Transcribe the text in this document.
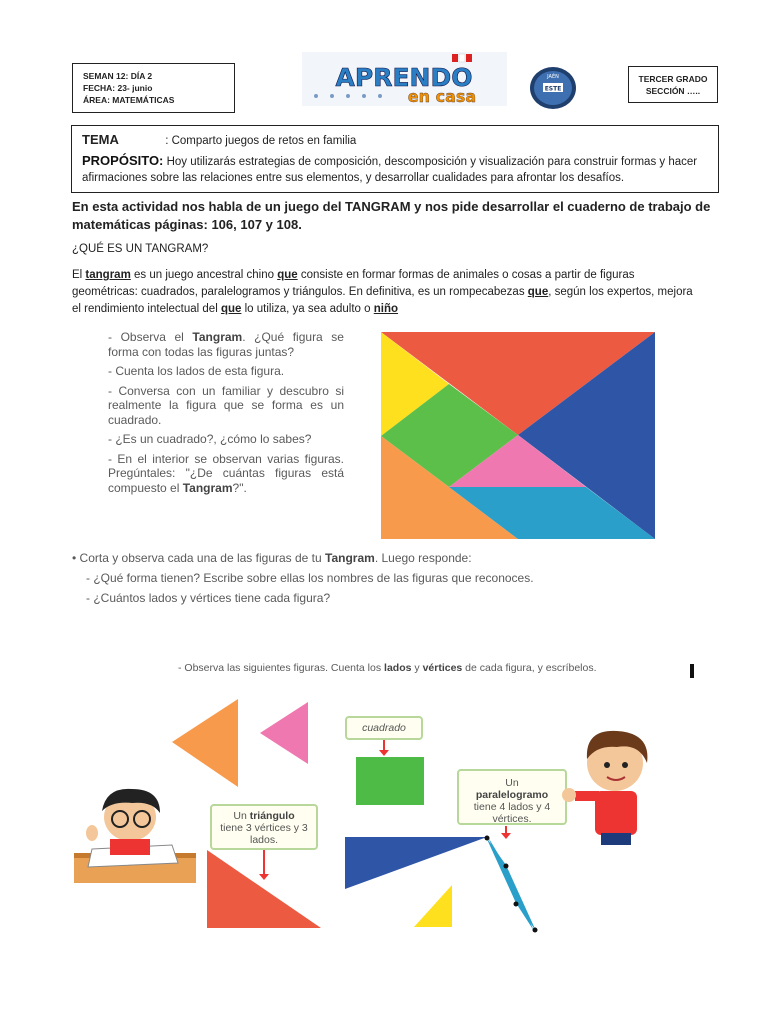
SEMAN 12: DÍA 2
FECHA: 23- junio
ÁREA: MATEMÁTICAS
APRENDO
en casa
JAÉN
ESTE
TERCER GRADO
SECCIÓN …..
TEMA	: Comparto juegos de retos en familia
PROPÓSITO: Hoy utilizarás estrategias de composición, descomposición y visualización para construir formas y hacer afirmaciones sobre las relaciones entre sus elementos, y desarrollar cualidades para afrontar los desafíos.
En esta actividad nos habla de un juego del TANGRAM y nos pide desarrollar el cuaderno de trabajo de matemáticas páginas: 106, 107 y 108.
¿QUÉ ES UN TANGRAM?
El tangram es un juego ancestral chino que consiste en formar formas de animales o cosas a partir de figuras geométricas: cuadrados, paralelogramos y triángulos. En definitiva, es un rompecabezas que, según los expertos, mejora el rendimiento intelectual del que lo utiliza, ya sea adulto o niño
- Observa el Tangram. ¿Qué figura se forma con todas las figuras juntas?
- Cuenta los lados de esta figura.
- Conversa con un familiar y descubro si realmente la figura que se forma es un cuadrado.
- ¿Es un cuadrado?, ¿cómo lo sabes?
- En el interior se observan varias figuras. Pregúntales: "¿De cuántas figuras está compuesto el Tangram?".
• Corta y observa cada una de las figuras de tu Tangram. Luego responde:
- ¿Qué forma tienen? Escribe sobre ellas los nombres de las figuras que reconoces.
- ¿Cuántos lados y vértices tiene cada figura?
- Observa las siguientes figuras. Cuenta los lados y vértices de cada figura, y escríbelos.
cuadrado
Un triángulo
tiene 3 vértices y 3 lados.
Un
paralelogramo
tiene 4 lados y 4 vértices.
